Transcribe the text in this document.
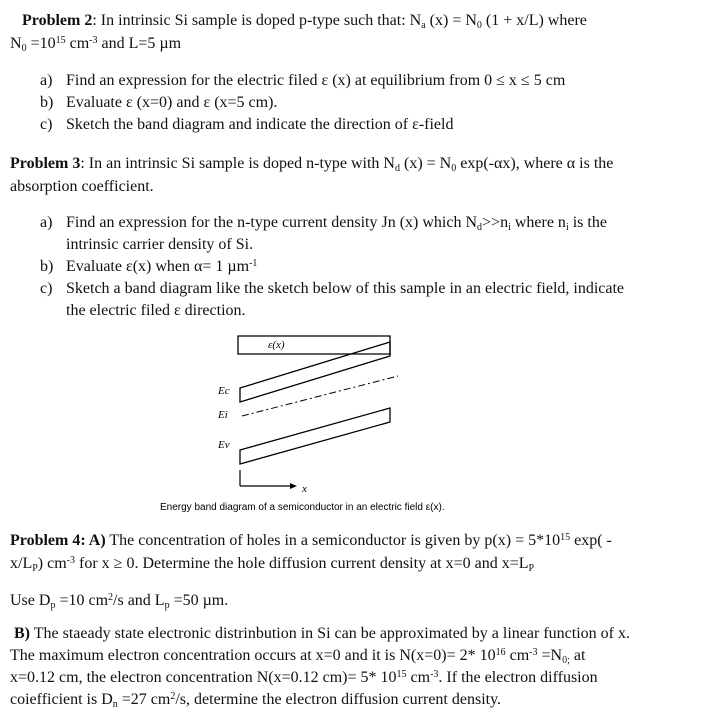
Problem 2: In intrinsic Si sample is doped p-type such that: $N_a$ $(x) = N_0$ (1 + x/L) where

$N_0 =10^{15}$ $cm^{-3}$ and L=5 µm

a) Find an expression for the electric filed ε (x) at equilibrium from 0 ≤ x ≤ 5 cm
b) Evaluate ε (x=0) and ε (x=5 cm).
c) Sketch the band diagram and indicate the direction of ε-field

Problem 3: In an intrinsic Si sample is doped n-type with $N_d$ $(x) = N_0$ exp(-αx), where α is the

absorption coefficient.

a) Find an expression for the n-type current density Jn (x) which $N_d>>n_i$ where $n_i$ is the
intrinsic carrier density of Si.
b) Evaluate ε(x) when α= 1 µm$^{-1}$
c) Sketch a band diagram like the sketch below of this sample in an electric field, indicate
the electric filed ε direction.
ε(x)
Ec
Ei
Ev
x
Energy band diagram of a semiconductor in an electric field ε(x).

Problem 4: A) The concentration of holes in a semiconductor is given by $p(x) = 5*10^{15}$ exp( -

$x/L_P$) $cm^{-3}$ for x ≥ 0. Determine the hole diffusion current density at x=0 and $x=L_P$

Use $D_p =10$ $cm^2/s$ and $L_p =50$ µm.

B) The staeady state electronic distrinbution in Si can be approximated by a linear function of x.

The maximum electron concentration occurs at x=0 and it is N(x=0)= 2* $10^{16}$ $cm^{-3} =N_{0;}$ at

x=0.12 cm, the electron concentration N(x=0.12 cm)= 5* $10^{15}$ $cm^{-3}$. If the electron diffusion

coiefficient is $D_n =27$ $cm^2/s$, determine the electron diffusion current density.
